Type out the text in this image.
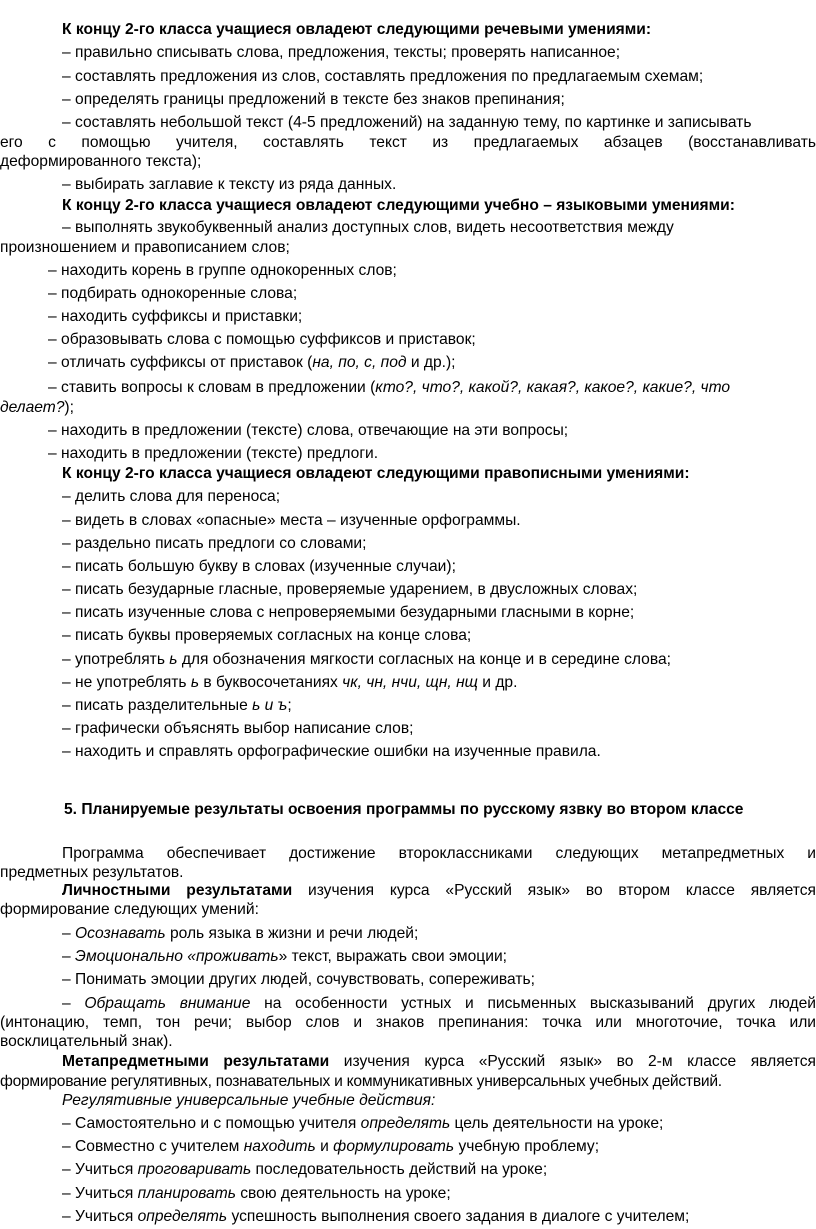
К концу 2-го класса учащиеся овладеют следующими речевыми умениями:

– правильно списывать слова, предложения, тексты; проверять написанное;

– составлять предложения из слов, составлять предложения по предлагаемым схемам;

– определять границы предложений в тексте без знаков препинания;

– составлять небольшой текст (4-5 предложений) на заданную тему, по картинке и записывать

его с помощью учителя, составлять текст из предлагаемых абзацев (восстанавливать

деформированного текста);

– выбирать заглавие к тексту из ряда данных.

К концу 2-го класса учащиеся овладеют следующими учебно – языковыми умениями:

– выполнять звукобуквенный анализ доступных слов, видеть несоответствия между

произношением и правописанием слов;

– находить корень в группе однокоренных слов;

– подбирать однокоренные слова;

– находить суффиксы и приставки;

– образовывать слова с помощью суффиксов и приставок;

– отличать суффиксы от приставок (на, по, с, под и др.);

– ставить вопросы к словам в предложении (кто?, что?, какой?, какая?, какое?, какие?, что

делает?);

– находить в предложении (тексте) слова, отвечающие на эти вопросы;

– находить в предложении (тексте) предлоги.

К концу 2-го класса учащиеся овладеют следующими правописными умениями:

– делить слова для переноса;

– видеть в словах «опасные» места – изученные орфограммы.

– раздельно писать предлоги со словами;

– писать большую букву в словах (изученные случаи);

– писать безударные гласные, проверяемые ударением, в двусложных словах;

– писать изученные слова с непроверяемыми безударными гласными в корне;

– писать буквы проверяемых согласных на конце слова;

– употреблять ь для обозначения мягкости согласных на конце и в середине слова;

– не употреблять ь в буквосочетаниях чк, чн, нчи, щн, нщ и др.

– писать разделительные ь и ъ;

– графически объяснять выбор написание слов;

– находить и справлять орфографические ошибки на изученные правила.

5. Планируемые результаты освоения программы по русскому язвку во втором классе

Программа обеспечивает достижение второклассниками следующих метапредметных и

предметных результатов.

Личностными результатами изучения курса «Русский язык» во втором классе является

формирование следующих умений:

– Осознавать роль языка в жизни и речи людей;

– Эмоционально «проживать» текст, выражать свои эмоции;

– Понимать эмоции других людей, сочувствовать, сопереживать;

– Обращать внимание на особенности устных и письменных высказываний других людей

(интонацию, темп, тон речи; выбор слов и знаков препинания: точка или многоточие, точка или

восклицательный знак).

Метапредметными результатами изучения курса «Русский язык» во 2-м классе является

формирование регулятивных, познавательных и коммуникативных универсальных учебных действий.

Регулятивные универсальные учебные действия:

– Самостоятельно и с помощью учителя определять цель деятельности на уроке;

– Совместно с учителем находить и формулировать учебную проблему;

– Учиться проговаривать последовательность действий на уроке;

– Учиться планировать свою деятельность на уроке;

– Учиться определять успешность выполнения своего задания в диалоге с учителем;
